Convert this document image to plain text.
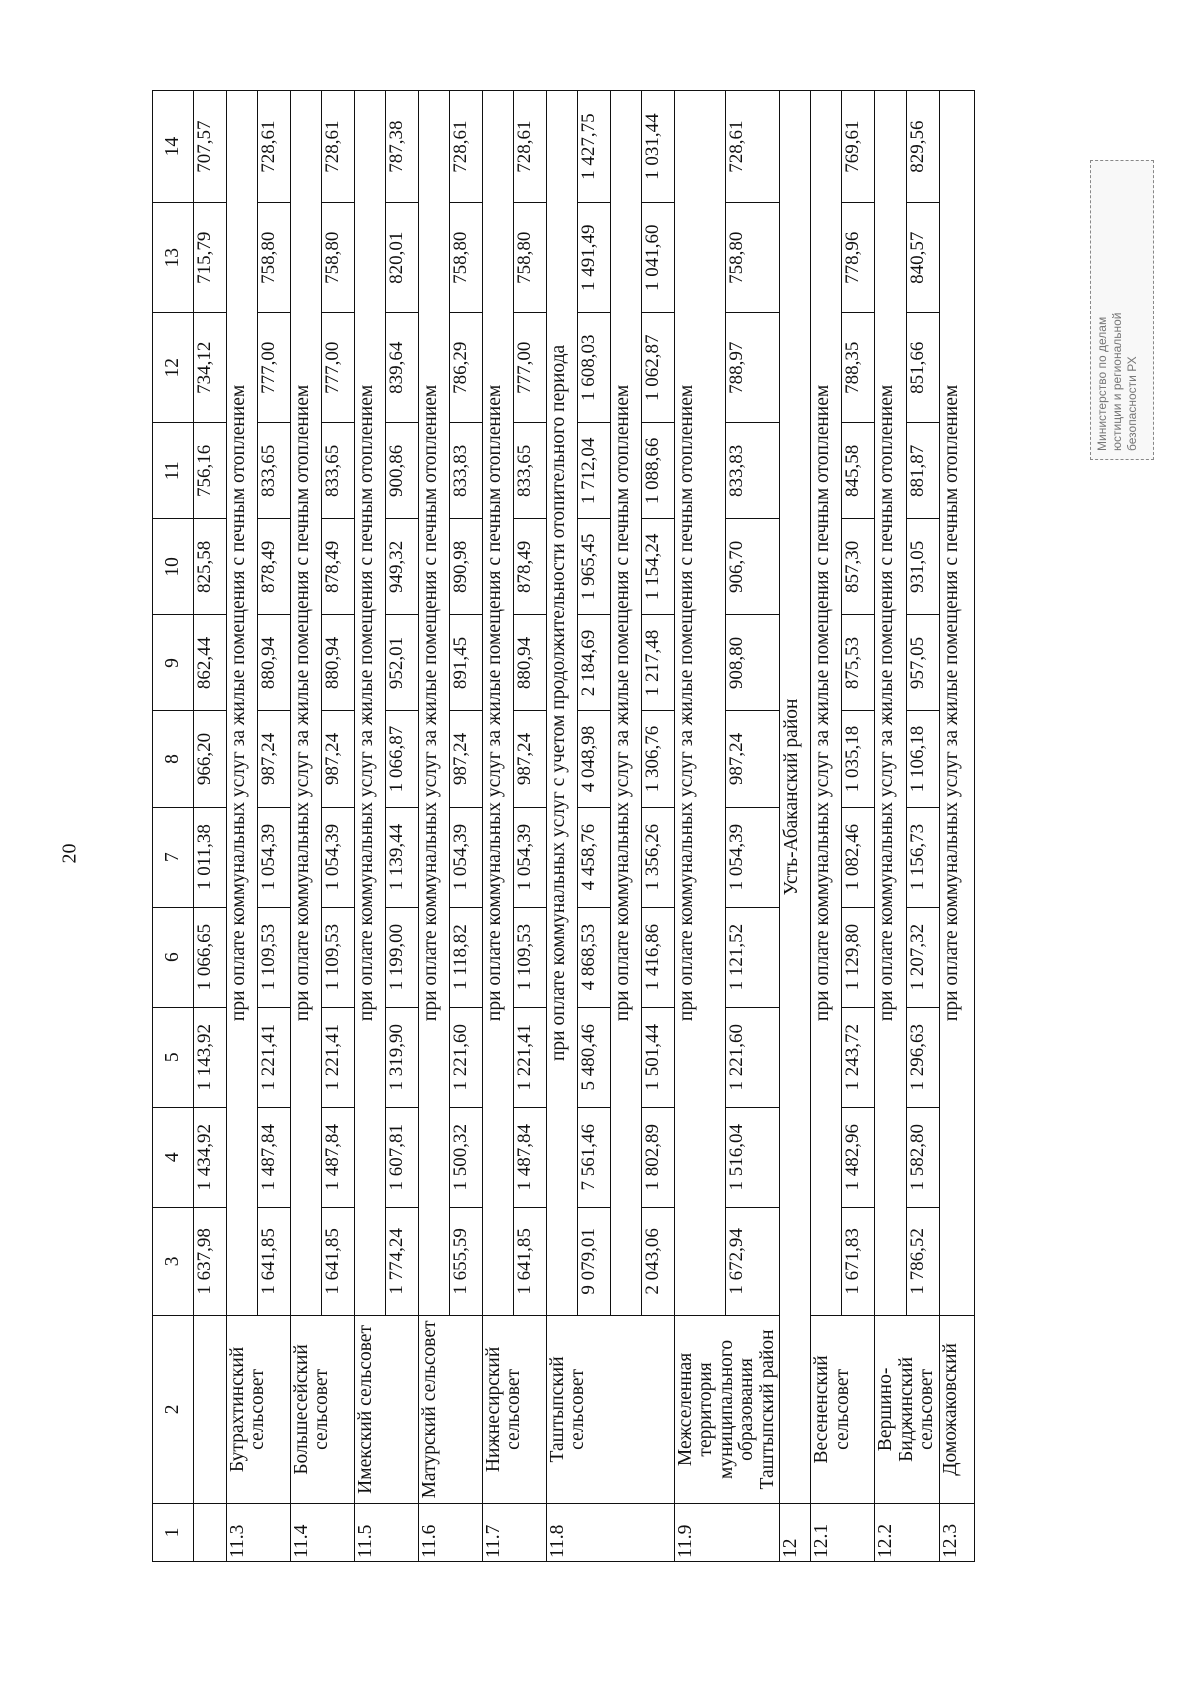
20
1	2	3	4	5	6	7	8	9	10	11	12	13	14
		1 637,98	1 434,92	1 143,92	1 066,65	1 011,38	966,20	862,44	825,58	756,16	734,12	715,79	707,57
11.3	Бутрахтинский сельсовет	при оплате коммунальных услуг за жилые помещения с печным отоплением											
		1 641,85	1 487,84	1 221,41	1 109,53	1 054,39	987,24	880,94	878,49	833,65	777,00	758,80	728,61
11.4	Большесейский сельсовет	при оплате коммунальных услуг за жилые помещения с печным отоплением											
		1 641,85	1 487,84	1 221,41	1 109,53	1 054,39	987,24	880,94	878,49	833,65	777,00	758,80	728,61
11.5	Имекский сельсовет	при оплате коммунальных услуг за жилые помещения с печным отоплением											
		1 774,24	1 607,81	1 319,90	1 199,00	1 139,44	1 066,87	952,01	949,32	900,86	839,64	820,01	787,38
11.6	Матурский сельсовет	при оплате коммунальных услуг за жилые помещения с печным отоплением											
		1 655,59	1 500,32	1 221,60	1 118,82	1 054,39	987,24	891,45	890,98	833,83	786,29	758,80	728,61
11.7	Нижнесирский сельсовет	при оплате коммунальных услуг за жилые помещения с печным отоплением											
		1 641,85	1 487,84	1 221,41	1 109,53	1 054,39	987,24	880,94	878,49	833,65	777,00	758,80	728,61
11.8	Таштыпский сельсовет	при оплате коммунальных услуг с учетом продолжительности отопительного периода											
		9 079,01	7 561,46	5 480,46	4 868,53	4 458,76	4 048,98	2 184,69	1 965,45	1 712,04	1 608,03	1 491,49	1 427,75
		при оплате коммунальных услуг за жилые помещения с печным отоплением											
		2 043,06	1 802,89	1 501,44	1 416,86	1 356,26	1 306,76	1 217,48	1 154,24	1 088,66	1 062,87	1 041,60	1 031,44
11.9	Межселенная территория муниципального образования Таштыпский район	при оплате коммунальных услуг за жилые помещения с печным отоплением											
		1 672,94	1 516,04	1 221,60	1 121,52	1 054,39	987,24	908,80	906,70	833,83	788,97	758,80	728,61
12	Усть-Абаканский район												
12.1	Весененский сельсовет	при оплате коммунальных услуг за жилые помещения с печным отоплением											
		1 671,83	1 482,96	1 243,72	1 129,80	1 082,46	1 035,18	875,53	857,30	845,58	788,35	778,96	769,61
12.2	Вершино-Биджинский сельсовет	при оплате коммунальных услуг за жилые помещения с печным отоплением											
		1 786,52	1 582,80	1 296,63	1 207,32	1 156,73	1 106,18	957,05	931,05	881,87	851,66	840,57	829,56
12.3	Доможаковский	при оплате коммунальных услуг за жилые помещения с печным отоплением											
Министерство по делам юстиции и региональной безопасности РХ
